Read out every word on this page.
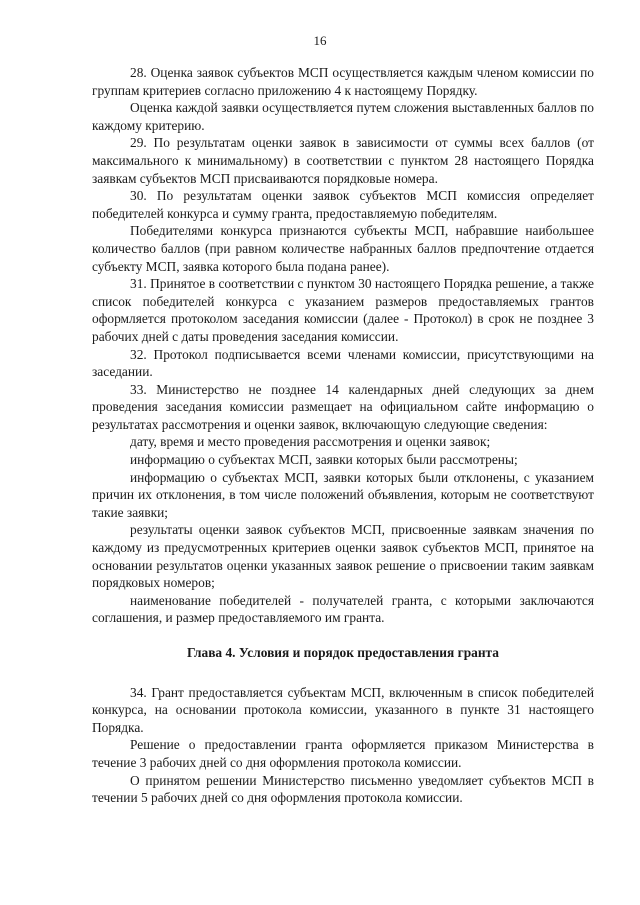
16

28. Оценка заявок субъектов МСП осуществляется каждым членом комиссии по группам критериев согласно приложению 4 к настоящему Порядку.

Оценка каждой заявки осуществляется путем сложения выставленных баллов по каждому критерию.

29. По результатам оценки заявок в зависимости от суммы всех баллов (от максимального к минимальному) в соответствии с пунктом 28 настоящего Порядка заявкам субъектов МСП присваиваются порядковые номера.

30. По результатам оценки заявок субъектов МСП комиссия определяет победителей конкурса и сумму гранта, предоставляемую победителям.

Победителями конкурса признаются субъекты МСП, набравшие наибольшее количество баллов (при равном количестве набранных баллов предпочтение отдается субъекту МСП, заявка которого была подана ранее).

31. Принятое в соответствии с пунктом 30 настоящего Порядка решение, а также список победителей конкурса с указанием размеров предоставляемых грантов оформляется протоколом заседания комиссии (далее - Протокол) в срок не позднее 3 рабочих дней с даты проведения заседания комиссии.

32. Протокол подписывается всеми членами комиссии, присутствующими на заседании.

33. Министерство не позднее 14 календарных дней следующих за днем проведения заседания комиссии размещает на официальном сайте информацию о результатах рассмотрения и оценки заявок, включающую следующие сведения:

дату, время и место проведения рассмотрения и оценки заявок;

информацию о субъектах МСП, заявки которых были рассмотрены;

информацию о субъектах МСП, заявки которых были отклонены, с указанием причин их отклонения, в том числе положений объявления, которым не соответствуют такие заявки;

результаты оценки заявок субъектов МСП, присвоенные заявкам значения по каждому из предусмотренных критериев оценки заявок субъектов МСП, принятое на основании результатов оценки указанных заявок решение о присвоении таким заявкам порядковых номеров;

наименование победителей - получателей гранта, с которыми заключаются соглашения, и размер предоставляемого им гранта.

Глава 4. Условия и порядок предоставления гранта

34. Грант предоставляется субъектам МСП, включенным в список победителей конкурса, на основании протокола комиссии, указанного в пункте 31 настоящего Порядка.

Решение о предоставлении гранта оформляется приказом Министерства в течение 3 рабочих дней со дня оформления протокола комиссии.

О принятом решении Министерство письменно уведомляет субъектов МСП в течении 5 рабочих дней со дня оформления протокола комиссии.
